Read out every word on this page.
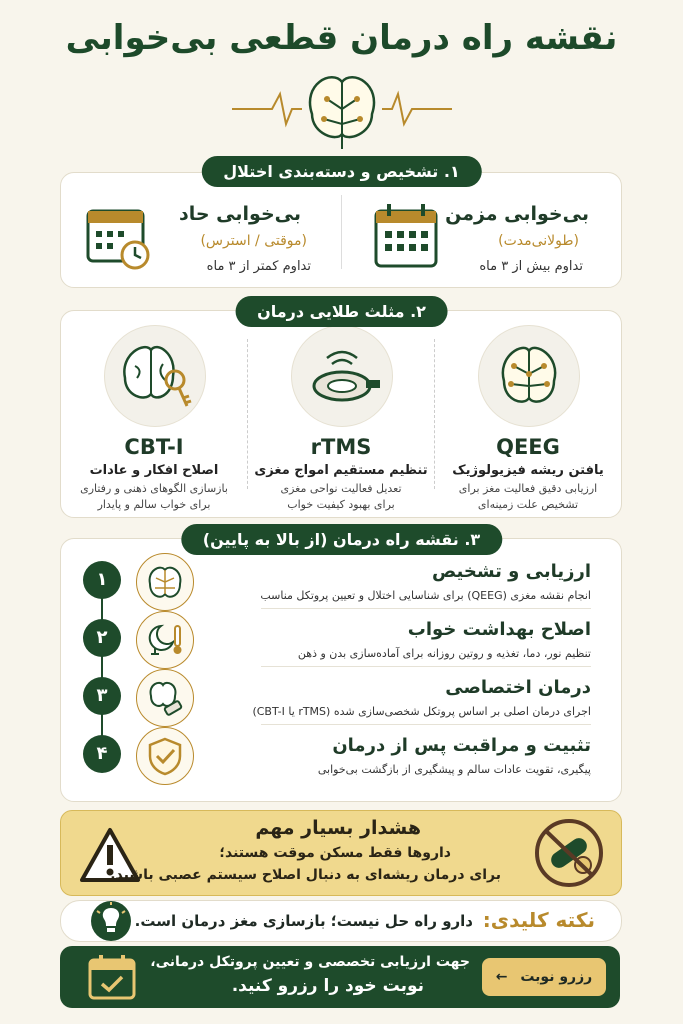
نقشه راه درمان قطعی بی‌خوابی
۱. تشخیص و دسته‌بندی اختلال
بی‌خوابی مزمن
(طولانی‌مدت)
تداوم بیش از ۳ ماه
بی‌خوابی حاد
(موقتی / استرس)
تداوم کمتر از ۳ ماه
۲. مثلث طلایی درمان
QEEG
یافتن ریشه فیزیولوژیک
ارزیابی دقیق فعالیت مغز برای
تشخیص علت زمینه‌ای
rTMS
تنظیم مستقیم امواج مغزی
تعدیل فعالیت نواحی مغزی
برای بهبود کیفیت خواب
CBT-I
اصلاح افکار و عادات
بازسازی الگوهای ذهنی و رفتاری
برای خواب سالم و پایدار
۳. نقشه راه درمان (از بالا به پایین)
۱	ارزیابی و تشخیص
انجام نقشه مغزی (QEEG) برای شناسایی اختلال و تعیین پروتکل مناسب
۲	اصلاح بهداشت خواب
تنظیم نور، دما، تغذیه و روتین روزانه برای آماده‌سازی بدن و ذهن
۳	درمان اختصاصی
اجرای درمان اصلی بر اساس پروتکل شخصی‌سازی شده (rTMS یا CBT-I)
۴	تثبیت و مراقبت پس از درمان
پیگیری، تقویت عادات سالم و پیشگیری از بازگشت بی‌خوابی
هشدار بسیار مهم
داروها فقط مسکن موقت هستند؛
برای درمان ریشه‌ای به دنبال اصلاح سیستم عصبی باشید.
نکته کلیدی:
دارو راه حل نیست؛ بازسازی مغز درمان است.
جهت ارزیابی تخصصی و تعیین پروتکل درمانی،
نوبت خود را رزرو کنید.	رزرو نوبت ←
